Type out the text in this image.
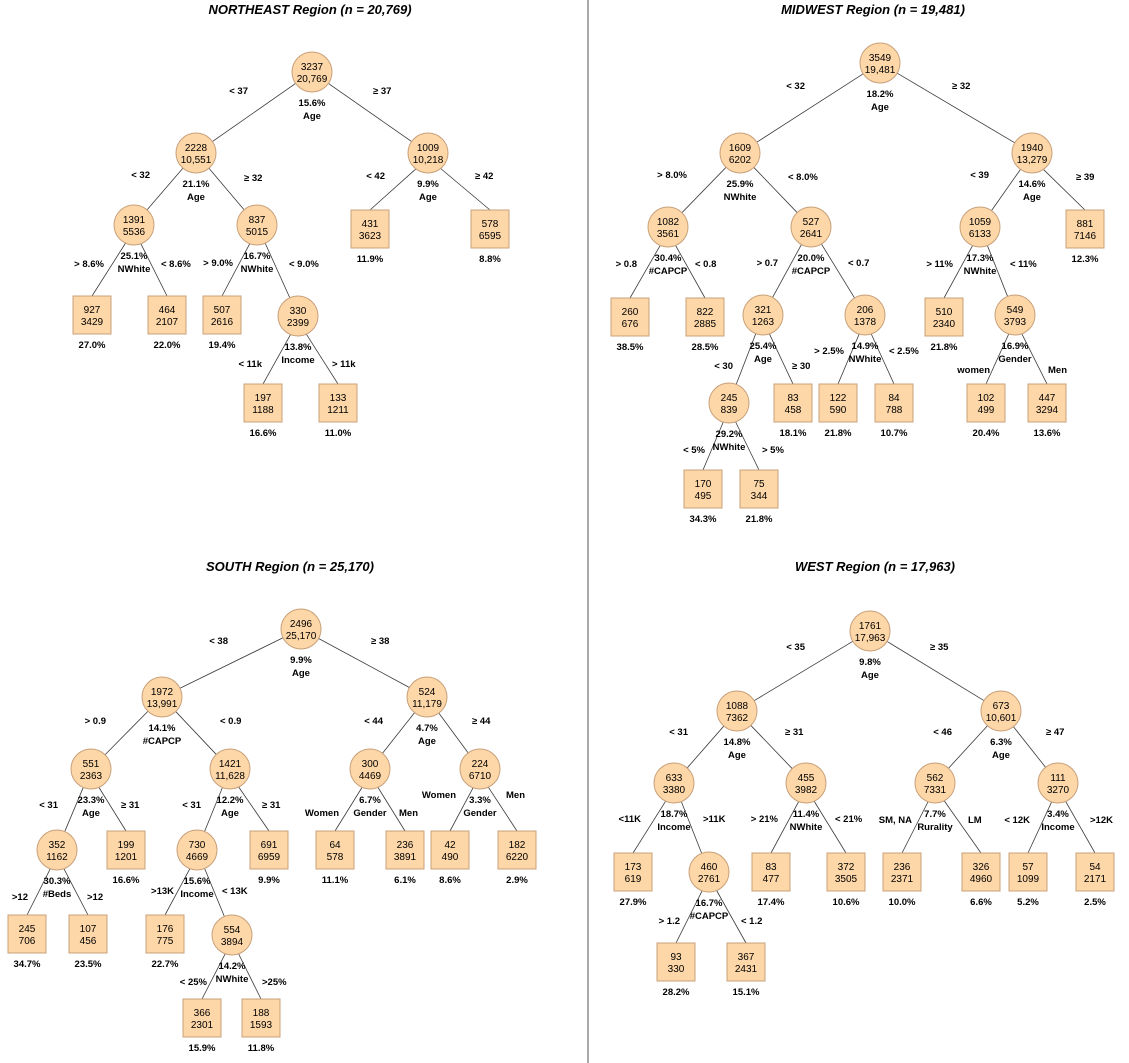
< 37	≥ 37
< 32	≥ 32	< 42	≥ 42
> 8.6%	< 8.6% > 9.0%	< 9.0%
< 11k	> 11k
< 32	≥ 32
> 8.0%	< 8.0%	< 39	≥ 39
> 0.8	< 0.8	> 0.7	< 0.7	> 11%	< 11%
< 30	≥ 30
> 2.5%	< 2.5%
women	Men
< 5%	> 5%
< 38	≥ 38
> 0.9	< 0.9	< 44	≥ 44
< 31	≥ 31	< 31	≥ 31
Women	Men
Women	Men
>12	>12
>13K	< 13K
< 25%	>25%
< 35	≥ 35
< 31	≥ 31	< 46	≥ 47
<11K	>11K	> 21%	< 21% SM, NA	LM < 12K	>12K
> 1.2	< 1.2
3237
20,769
15.6%
Age
2228
10,551
21.1%
Age
1009
10,218
9.9%
Age
1391
5536
25.1%
NWhite
837
5015
16.7%
NWhite
431
3623
11.9%
578
6595
8.8%
927
3429
27.0%
464
2107
22.0%
507
2616
19.4%
330
2399
13.8%
Income
197
1188
16.6%
133
1211
11.0%
3549
19,481
18.2%
Age
1609
6202
25.9%
NWhite
1940
13,279
14.6%
Age
1082
3561
30.4%
#CAPCP
527
2641
20.0%
#CAPCP
1059
6133
17.3%
NWhite
881
7146
12.3%
260
676
38.5%
822
2885
28.5%
321
1263
25.4%
Age
206
1378
14.9%
NWhite
510
2340
21.8%
549
3793
16.9%
Gender
245
839
29.2%
NWhite
83
458
18.1%
122
590
21.8%
84
788
10.7%
102
499
20.4%
447
3294
13.6%
170
495
34.3%
75
344
21.8%
2496
25,170
9.9%
Age
1972
13,991
14.1%
#CAPCP
524
11,179
4.7%
Age
551
2363
23.3%
Age
1421
11,628
12.2%
Age
300
4469
6.7%
Gender
224
6710
3.3%
Gender
352
1162
30.3%
#Beds
199
1201
16.6%
730
4669
15.6%
Income
691
6959
9.9%
64
578
11.1%
236
3891
6.1%
42
490
8.6%
182
6220
2.9%
245
706
34.7%
107
456
23.5%
176
775
22.7%
554
3894
14.2%
NWhite
366
2301
15.9%
188
1593
11.8%
1761
17,963
9.8%
Age
1088
7362
14.8%
Age
673
10,601
6.3%
Age
633
3380
18.7%
Income
455
3982
11.4%
NWhite
562
7331
7.7%
Rurality
111
3270
3.4%
Income
173
619
27.9%
460
2761
16.7%
#CAPCP
83
477
17.4%
372
3505
10.6%
236
2371
10.0%
326
4960
6.6%
57
1099
5.2%
54
2171
2.5%
93
330
28.2%
367
2431
15.1%
NORTHEAST Region (n = 20,769)	MIDWEST Region (n = 19,481)
SOUTH Region (n = 25,170)	WEST Region (n = 17,963)
